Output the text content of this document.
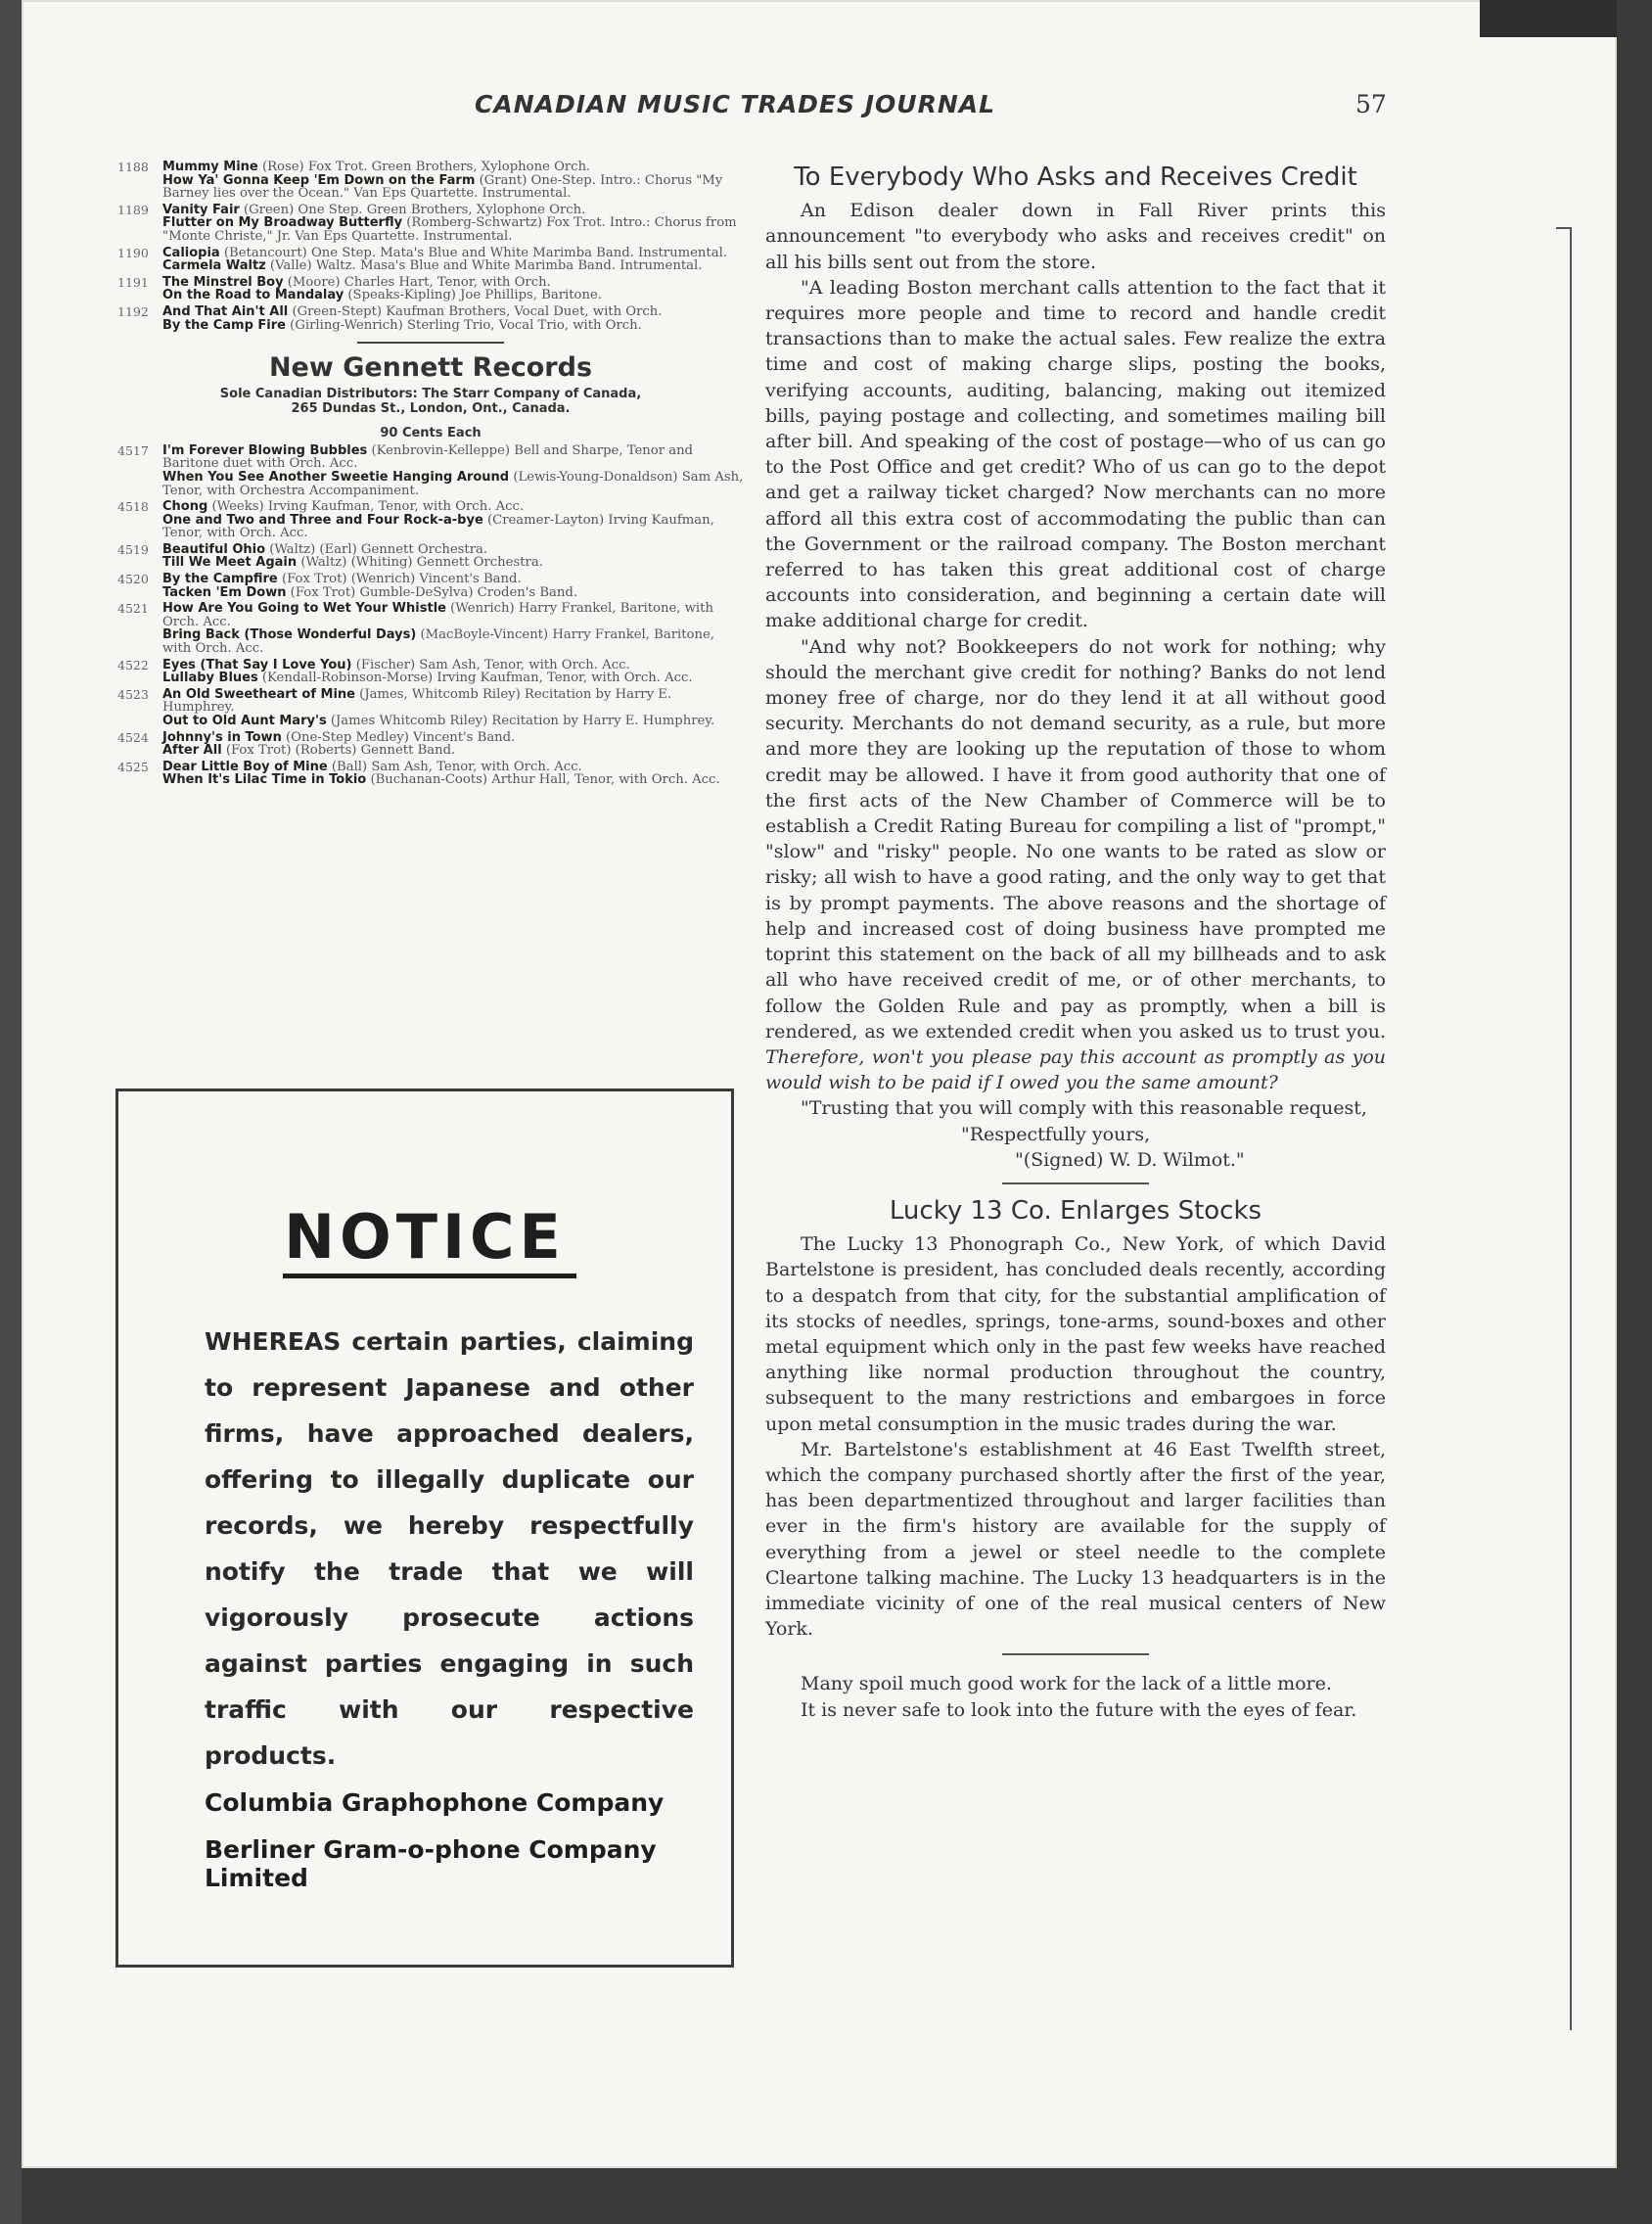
CANADIAN MUSIC TRADES JOURNAL	57
1188 Mummy Mine (Rose) Fox Trot. Green Brothers, Xylophone Orch.

How Ya' Gonna Keep 'Em Down on the Farm (Grant) One-Step. Intro.: Chorus "My Barney lies over the Ocean." Van Eps Quartette. Instrumental.

1189 Vanity Fair (Green) One Step. Green Brothers, Xylophone Orch.

Flutter on My Broadway Butterfly (Romberg-Schwartz) Fox Trot. Intro.: Chorus from "Monte Christe," Jr. Van Eps Quartette. Instrumental.

1190 Caliopia (Betancourt) One Step. Mata's Blue and White Marimba Band. Instrumental.

Carmela Waltz (Valle) Waltz. Masa's Blue and White Marimba Band. Intrumental.

1191 The Minstrel Boy (Moore) Charles Hart, Tenor, with Orch.

On the Road to Mandalay (Speaks-Kipling) Joe Phillips, Baritone.

1192 And That Ain't All (Green-Stept) Kaufman Brothers, Vocal Duet, with Orch.

By the Camp Fire (Girling-Wenrich) Sterling Trio, Vocal Trio, with Orch.

New Gennett Records

Sole Canadian Distributors: The Starr Company of Canada,

265 Dundas St., London, Ont., Canada.

90 Cents Each

4517 I'm Forever Blowing Bubbles (Kenbrovin-Kelleppe) Bell and Sharpe, Tenor and Baritone duet with Orch. Acc.

When You See Another Sweetie Hanging Around (Lewis-Young-Donaldson) Sam Ash, Tenor, with Orchestra Accompaniment.

4518 Chong (Weeks) Irving Kaufman, Tenor, with Orch. Acc.

One and Two and Three and Four Rock-a-bye (Creamer-Layton) Irving Kaufman, Tenor, with Orch. Acc.

4519 Beautiful Ohio (Waltz) (Earl) Gennett Orchestra.

Till We Meet Again (Waltz) (Whiting) Gennett Orchestra.

4520 By the Campfire (Fox Trot) (Wenrich) Vincent's Band.

Tacken 'Em Down (Fox Trot) Gumble-DeSylva) Croden's Band.

4521 How Are You Going to Wet Your Whistle (Wenrich) Harry Frankel, Baritone, with Orch. Acc.

Bring Back (Those Wonderful Days) (MacBoyle-Vincent) Harry Frankel, Baritone, with Orch. Acc.

4522 Eyes (That Say I Love You) (Fischer) Sam Ash, Tenor, with Orch. Acc.

Lullaby Blues (Kendall-Robinson-Morse) Irving Kaufman, Tenor, with Orch. Acc.

4523 An Old Sweetheart of Mine (James, Whitcomb Riley) Recitation by Harry E. Humphrey.

Out to Old Aunt Mary's (James Whitcomb Riley) Recitation by Harry E. Humphrey.

4524 Johnny's in Town (One-Step Medley) Vincent's Band.

After All (Fox Trot) (Roberts) Gennett Band.

4525 Dear Little Boy of Mine (Ball) Sam Ash, Tenor, with Orch. Acc.

When It's Lilac Time in Tokio (Buchanan-Coots) Arthur Hall, Tenor, with Orch. Acc.

NOTICE

WHEREAS certain parties, claiming to represent Japanese and other firms, have approached dealers, offering to illegally duplicate our records, we hereby respectfully notify the trade that we will vigorously prosecute actions against parties engaging in such traffic with our respective products.

Columbia Graphophone Company

Berliner Gram-o-phone Company Limited

To Everybody Who Asks and Receives Credit

An Edison dealer down in Fall River prints this announcement "to everybody who asks and receives credit" on all his bills sent out from the store.

"A leading Boston merchant calls attention to the fact that it requires more people and time to record and handle credit transactions than to make the actual sales. Few realize the extra time and cost of making charge slips, posting the books, verifying accounts, auditing, balancing, making out itemized bills, paying postage and collecting, and sometimes mailing bill after bill. And speaking of the cost of postage—who of us can go to the Post Office and get credit? Who of us can go to the depot and get a railway ticket charged? Now merchants can no more afford all this extra cost of accommodating the public than can the Government or the railroad company. The Boston merchant referred to has taken this great additional cost of charge accounts into consideration, and beginning a certain date will make additional charge for credit.

"And why not? Bookkeepers do not work for nothing; why should the merchant give credit for nothing? Banks do not lend money free of charge, nor do they lend it at all without good security. Merchants do not demand security, as a rule, but more and more they are looking up the reputation of those to whom credit may be allowed. I have it from good authority that one of the first acts of the New Chamber of Commerce will be to establish a Credit Rating Bureau for compiling a list of "prompt," "slow" and "risky" people. No one wants to be rated as slow or risky; all wish to have a good rating, and the only way to get that is by prompt payments. The above reasons and the shortage of help and increased cost of doing business have prompted me toprint this statement on the back of all my billheads and to ask all who have received credit of me, or of other merchants, to follow the Golden Rule and pay as promptly, when a bill is rendered, as we extended credit when you asked us to trust you. Therefore, won't you please pay this account as promptly as you would wish to be paid if I owed you the same amount?

"Trusting that you will comply with this reasonable request,

"Respectfully yours,

"(Signed) W. D. Wilmot."

Lucky 13 Co. Enlarges Stocks

The Lucky 13 Phonograph Co., New York, of which David Bartelstone is president, has concluded deals recently, according to a despatch from that city, for the substantial amplification of its stocks of needles, springs, tone-arms, sound-boxes and other metal equipment which only in the past few weeks have reached anything like normal production throughout the country, subsequent to the many restrictions and embargoes in force upon metal consumption in the music trades during the war.

Mr. Bartelstone's establishment at 46 East Twelfth street, which the company purchased shortly after the first of the year, has been departmentized throughout and larger facilities than ever in the firm's history are available for the supply of everything from a jewel or steel needle to the complete Cleartone talking machine. The Lucky 13 headquarters is in the immediate vicinity of one of the real musical centers of New York.

Many spoil much good work for the lack of a little more.

It is never safe to look into the future with the eyes of fear.
